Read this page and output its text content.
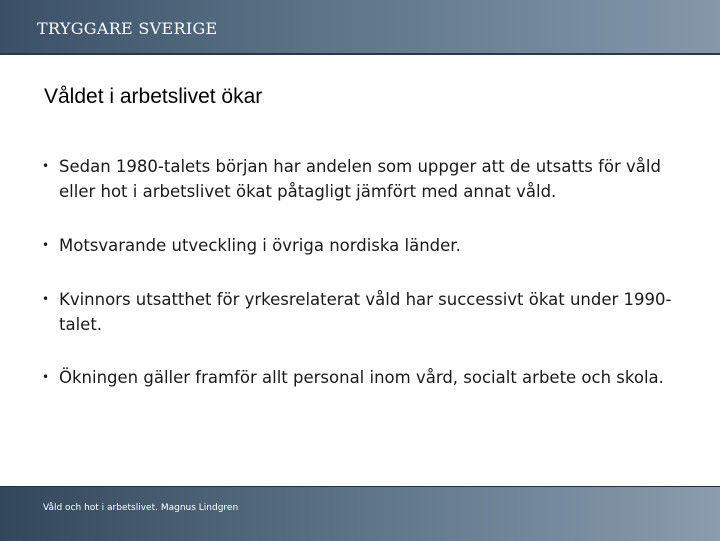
TRYGGARE SVERIGE
Våldet i arbetslivet ökar
• Sedan 1980-talets början har andelen som uppger att de utsatts för våld eller hot i arbetslivet ökat påtagligt jämfört med annat våld.
• Motsvarande utveckling i övriga nordiska länder.
• Kvinnors utsatthet för yrkesrelaterat våld har successivt ökat under 1990-talet.
• Ökningen gäller framför allt personal inom vård, socialt arbete och skola.
Våld och hot i arbetslivet. Magnus Lindgren
